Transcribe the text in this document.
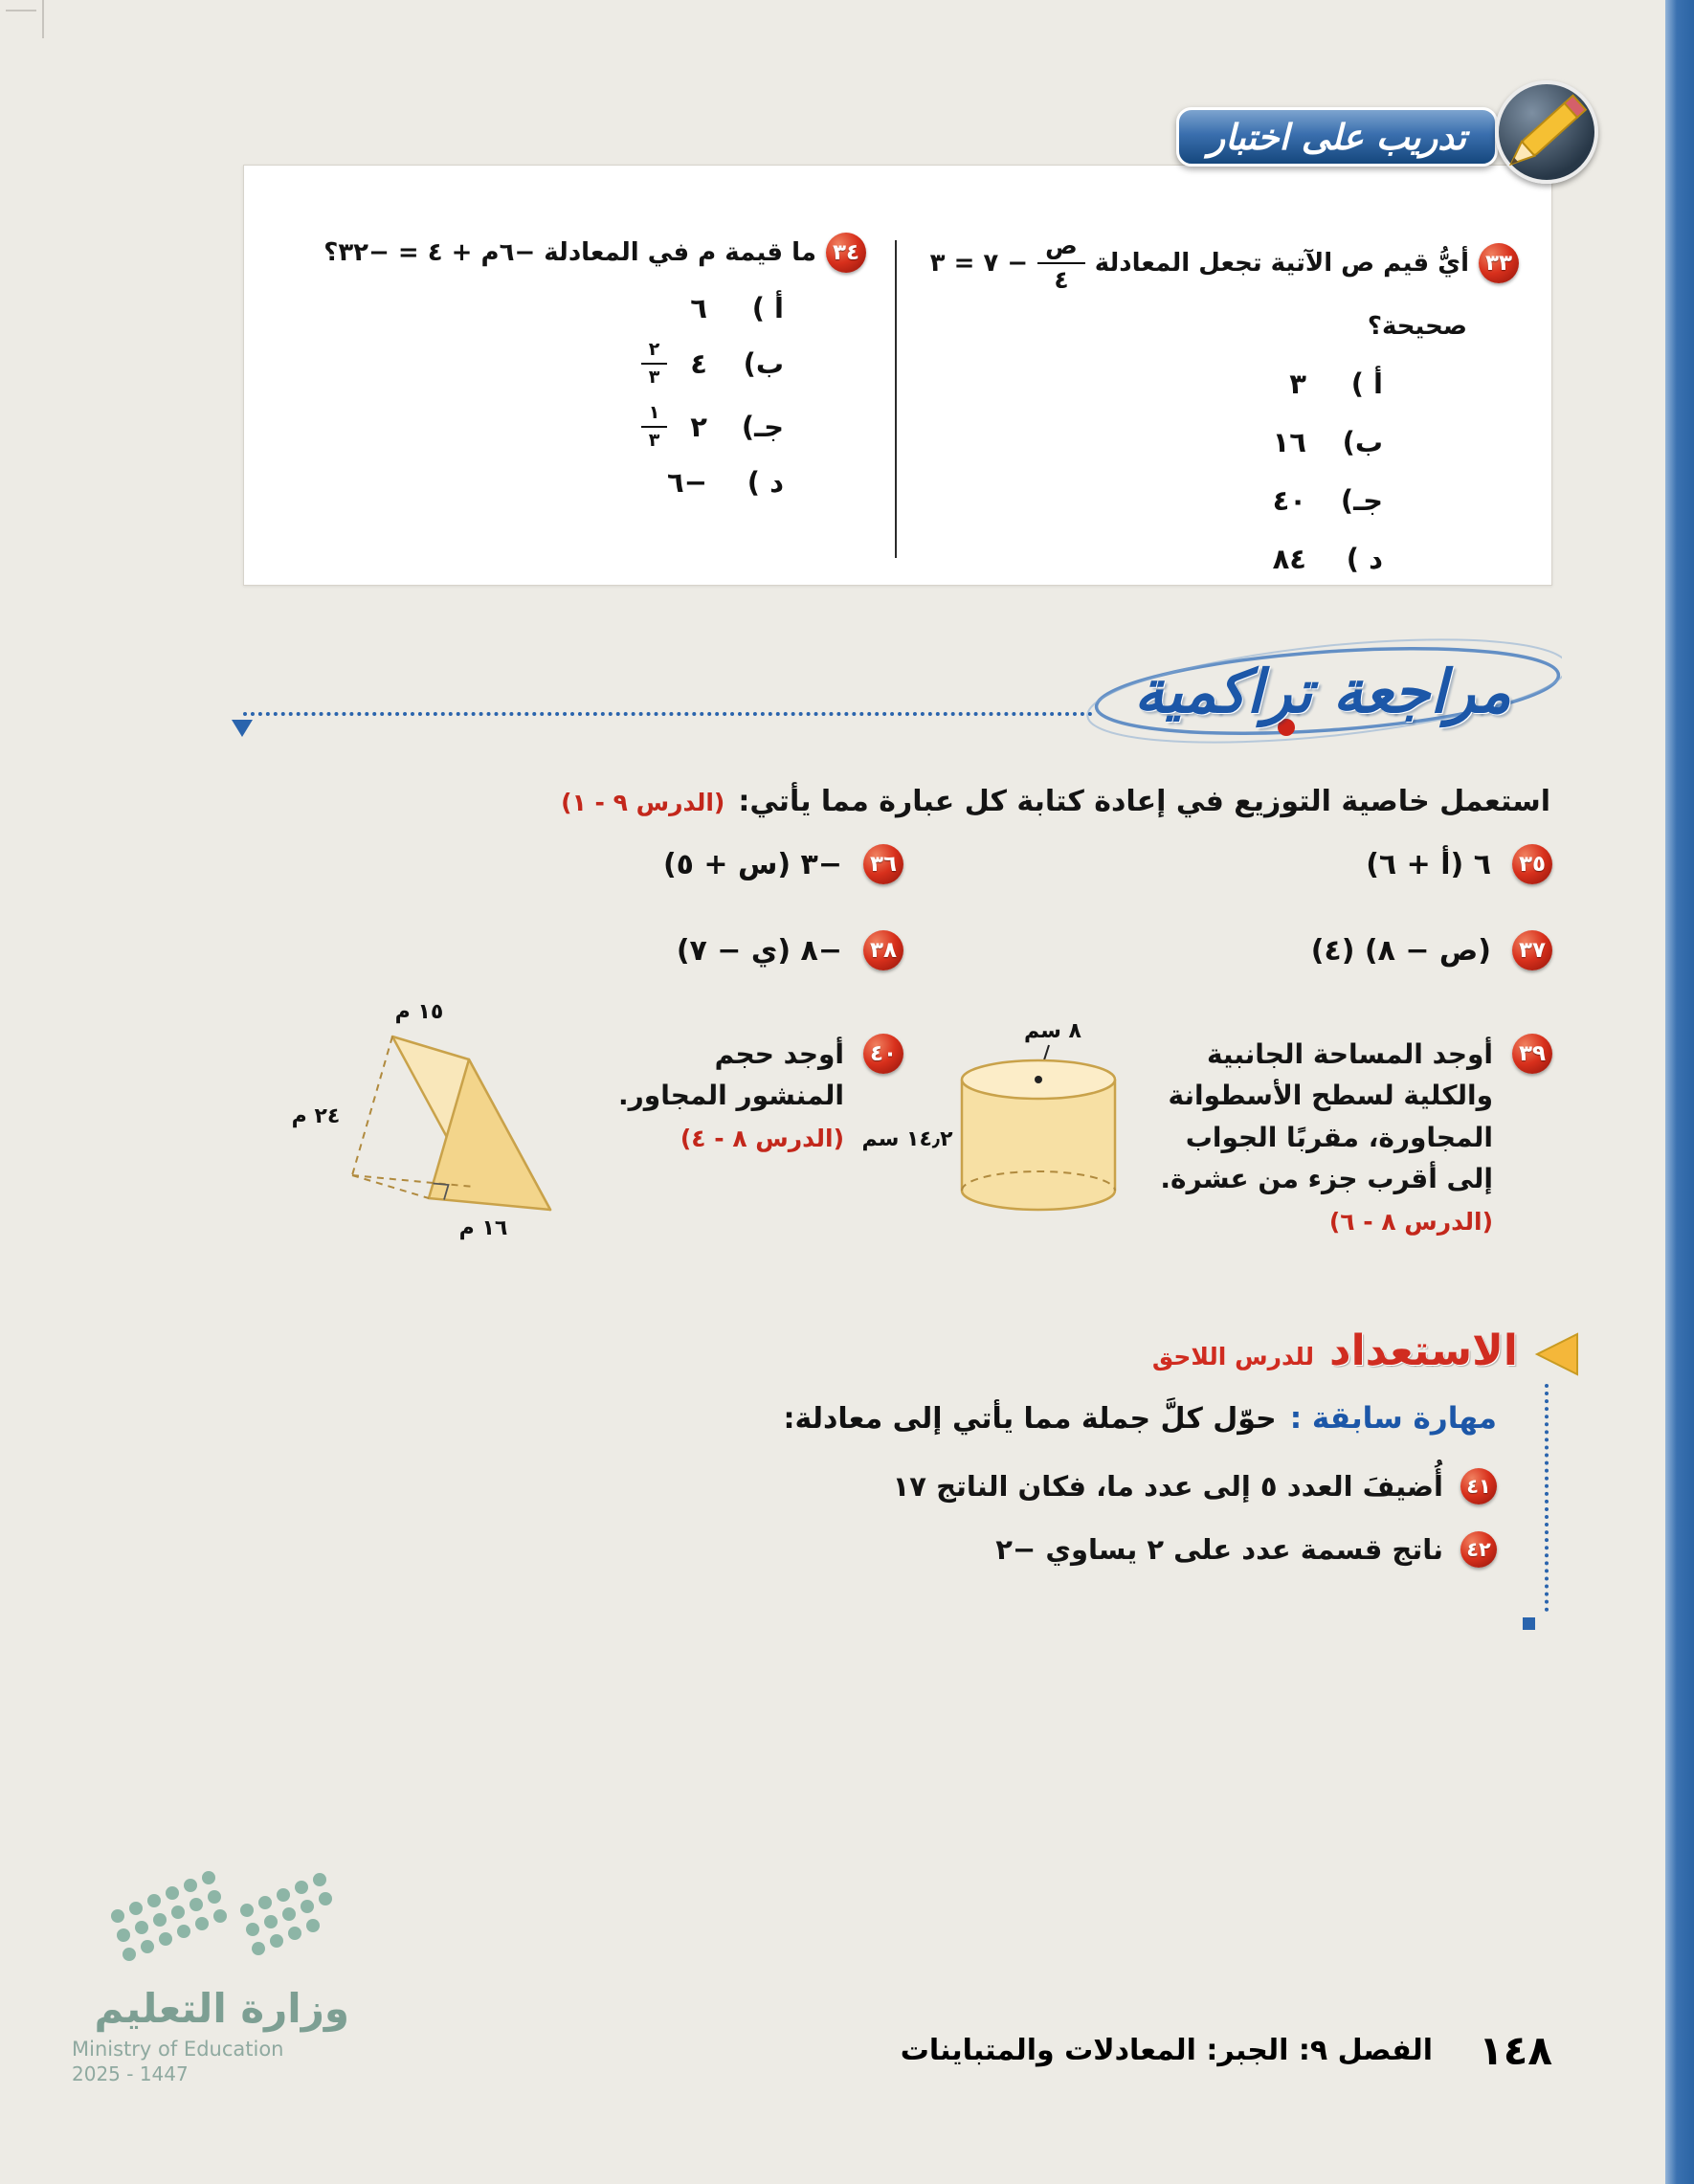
تدريب على اختبار
٣٣
أيُّ قيم ص الآتية تجعل المعادلة
$\frac{\text{ص}}{٤}$
− ٧ = ٣
صحيحة؟
أ )
٣
ب)
١٦
جـ)
٤٠
د )
٨٤
٣٤
ما قيمة م في المعادلة −٦م + ٤ = −٣٢؟
أ )
٦
ب)
٤
$\frac{٢}{٣}$
جـ)
٢
$\frac{١}{٣}$
د )
−٦
مراجعة تراكمية
استعمل خاصية التوزيع في إعادة كتابة كل عبارة مما يأتي:
(الدرس ٩ - ١)
٣٥
٦ (أ + ٦)
٣٦
−٣ (س + ٥)
٣٧
(ص − ٨) (٤)
٣٨
−٨ (ي − ٧)
٣٩

أوجد المساحة الجانبية والكلية لسطح الأسطوانة المجاورة، مقربًا الجواب إلى أقرب جزء من عشرة. (الدرس ٨ - ٦)

٨ سم
١٤٫٢ سم
٤٠

أوجد حجم المنشور المجاور. (الدرس ٨ - ٤)

١٥ م
٢٤ م
١٦ م
الاستعداد
للدرس اللاحق
مهارة سابقة :
حوّل كلَّ جملة مما يأتي إلى معادلة:
٤١
أُضيفَ العدد ٥ إلى عدد ما، فكان الناتج ١٧
٤٢
ناتج قسمة عدد على ٢ يساوي −٢
وزارة التعليم
Ministry of Education
2025 - 1447	١٤٨
الفصل ٩: الجبر: المعادلات والمتباينات
